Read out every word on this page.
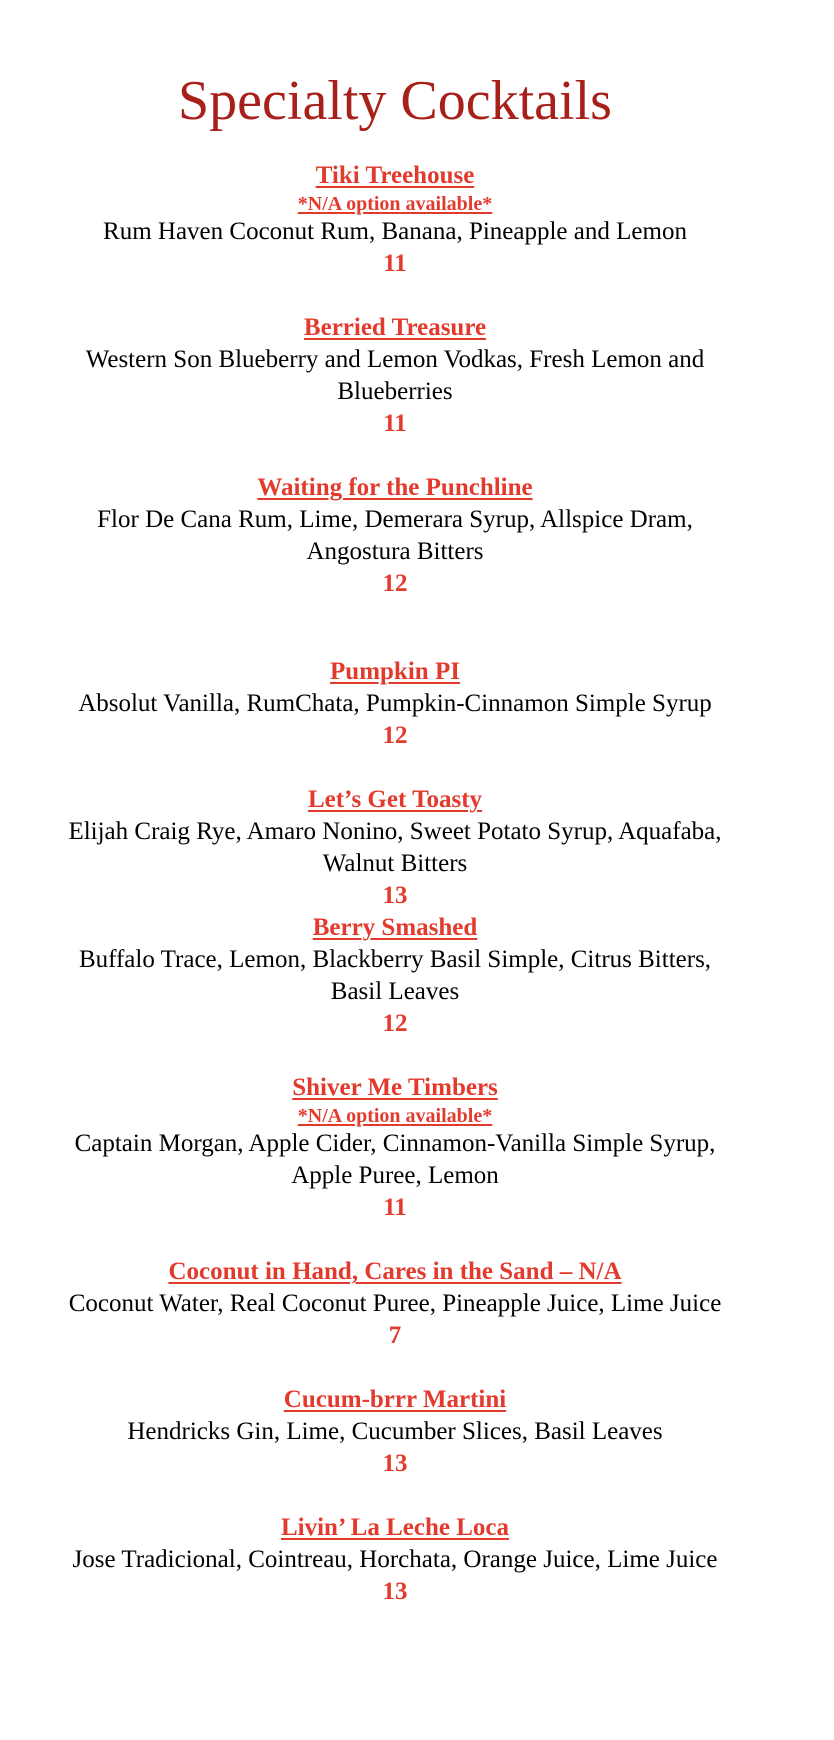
Specialty Cocktails
Tiki Treehouse
*N/A option available*
Rum Haven Coconut Rum, Banana, Pineapple and Lemon
11
Berried Treasure
Western Son Blueberry and Lemon Vodkas, Fresh Lemon and Blueberries
11
Waiting for the Punchline
Flor De Cana Rum, Lime, Demerara Syrup, Allspice Dram, Angostura Bitters
12
Pumpkin PI
Absolut Vanilla, RumChata, Pumpkin-Cinnamon Simple Syrup
12
Let’s Get Toasty
Elijah Craig Rye, Amaro Nonino, Sweet Potato Syrup, Aquafaba, Walnut Bitters
13
Berry Smashed
Buffalo Trace, Lemon, Blackberry Basil Simple, Citrus Bitters, Basil Leaves
12
Shiver Me Timbers
*N/A option available*
Captain Morgan, Apple Cider, Cinnamon-Vanilla Simple Syrup, Apple Puree, Lemon
11
Coconut in Hand, Cares in the Sand – N/A
Coconut Water, Real Coconut Puree, Pineapple Juice, Lime Juice
7
Cucum-brrr Martini
Hendricks Gin, Lime, Cucumber Slices, Basil Leaves
13
Livin’ La Leche Loca
Jose Tradicional, Cointreau, Horchata, Orange Juice, Lime Juice
13
